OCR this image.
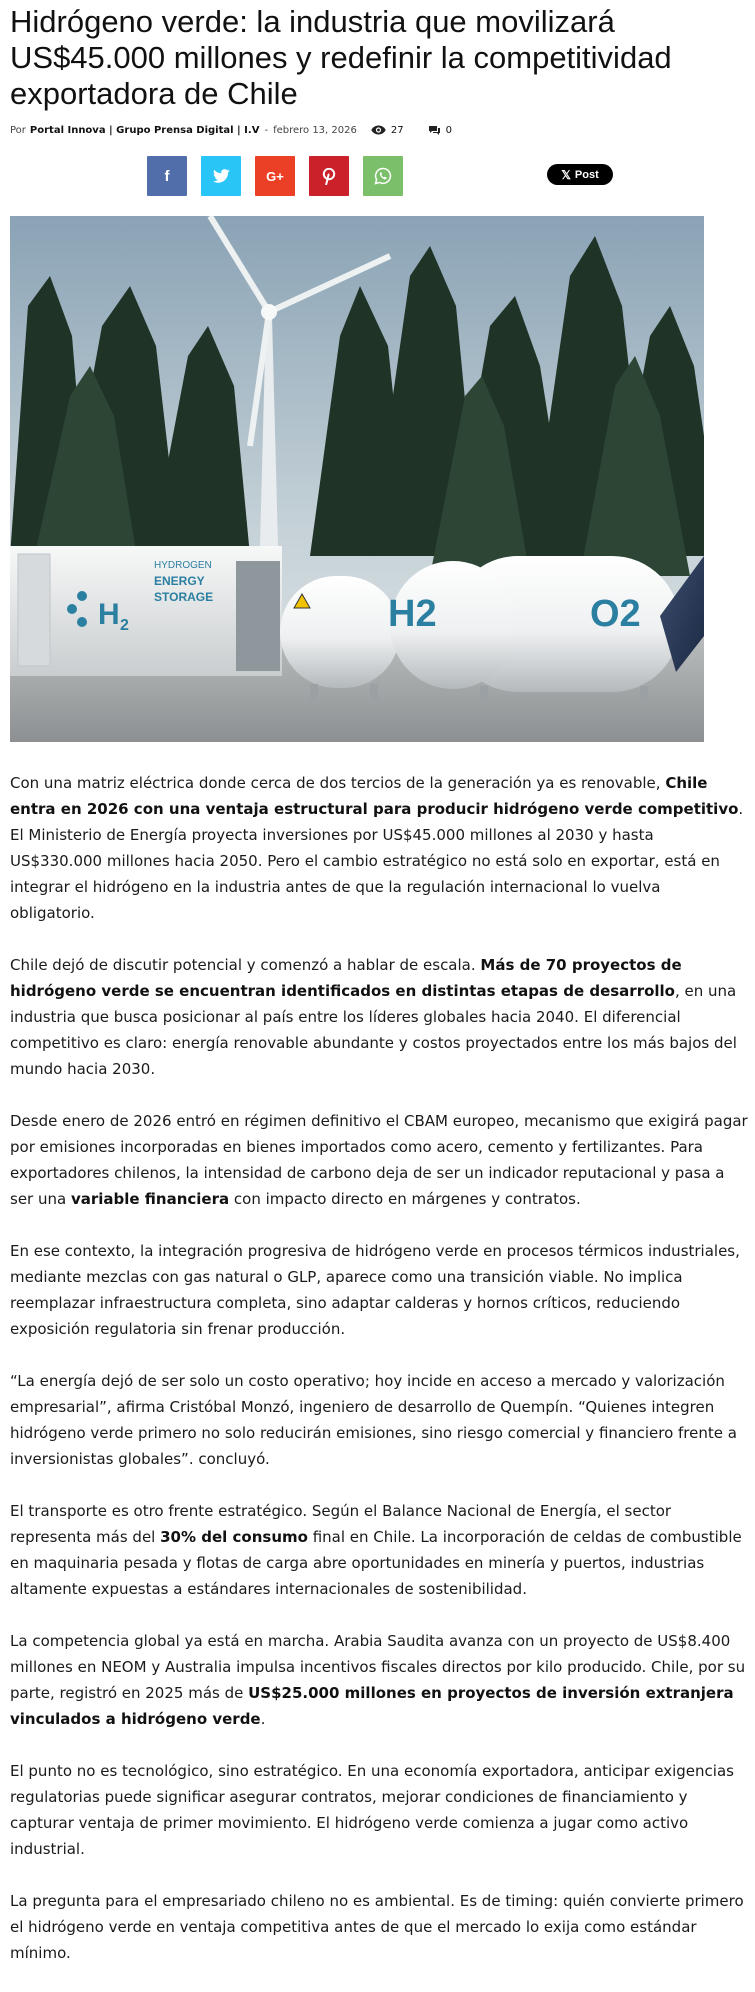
Hidrógeno verde: la industria que movilizará US$45.000 millones y redefinir la competitividad exportadora de Chile
Por Portal Innova | Grupo Prensa Digital | I.V - febrero 13, 2026	27	0
f	G+	𝕏 Post
H 2
HYDROGEN
ENERGY
STORAGE	H2	O2

Con una matriz eléctrica donde cerca de dos tercios de la generación ya es renovable, Chile entra en 2026 con una ventaja estructural para producir hidrógeno verde competitivo. El Ministerio de Energía proyecta inversiones por US$45.000 millones al 2030 y hasta US$330.000 millones hacia 2050. Pero el cambio estratégico no está solo en exportar, está en integrar el hidrógeno en la industria antes de que la regulación internacional lo vuelva obligatorio.

Chile dejó de discutir potencial y comenzó a hablar de escala. Más de 70 proyectos de hidrógeno verde se encuentran identificados en distintas etapas de desarrollo, en una industria que busca posicionar al país entre los líderes globales hacia 2040. El diferencial competitivo es claro: energía renovable abundante y costos proyectados entre los más bajos del mundo hacia 2030.

Desde enero de 2026 entró en régimen definitivo el CBAM europeo, mecanismo que exigirá pagar por emisiones incorporadas en bienes importados como acero, cemento y fertilizantes. Para exportadores chilenos, la intensidad de carbono deja de ser un indicador reputacional y pasa a ser una variable financiera con impacto directo en márgenes y contratos.

En ese contexto, la integración progresiva de hidrógeno verde en procesos térmicos industriales, mediante mezclas con gas natural o GLP, aparece como una transición viable. No implica reemplazar infraestructura completa, sino adaptar calderas y hornos críticos, reduciendo exposición regulatoria sin frenar producción.

“La energía dejó de ser solo un costo operativo; hoy incide en acceso a mercado y valorización empresarial”, afirma Cristóbal Monzó, ingeniero de desarrollo de Quempín. “Quienes integren hidrógeno verde primero no solo reducirán emisiones, sino riesgo comercial y financiero frente a inversionistas globales”. concluyó.

El transporte es otro frente estratégico. Según el Balance Nacional de Energía, el sector representa más del 30% del consumo final en Chile. La incorporación de celdas de combustible en maquinaria pesada y flotas de carga abre oportunidades en minería y puertos, industrias altamente expuestas a estándares internacionales de sostenibilidad.

La competencia global ya está en marcha. Arabia Saudita avanza con un proyecto de US$8.400 millones en NEOM y Australia impulsa incentivos fiscales directos por kilo producido. Chile, por su parte, registró en 2025 más de US$25.000 millones en proyectos de inversión extranjera vinculados a hidrógeno verde.

El punto no es tecnológico, sino estratégico. En una economía exportadora, anticipar exigencias regulatorias puede significar asegurar contratos, mejorar condiciones de financiamiento y capturar ventaja de primer movimiento. El hidrógeno verde comienza a jugar como activo industrial.

La pregunta para el empresariado chileno no es ambiental. Es de timing: quién convierte primero el hidrógeno verde en ventaja competitiva antes de que el mercado lo exija como estándar mínimo.
